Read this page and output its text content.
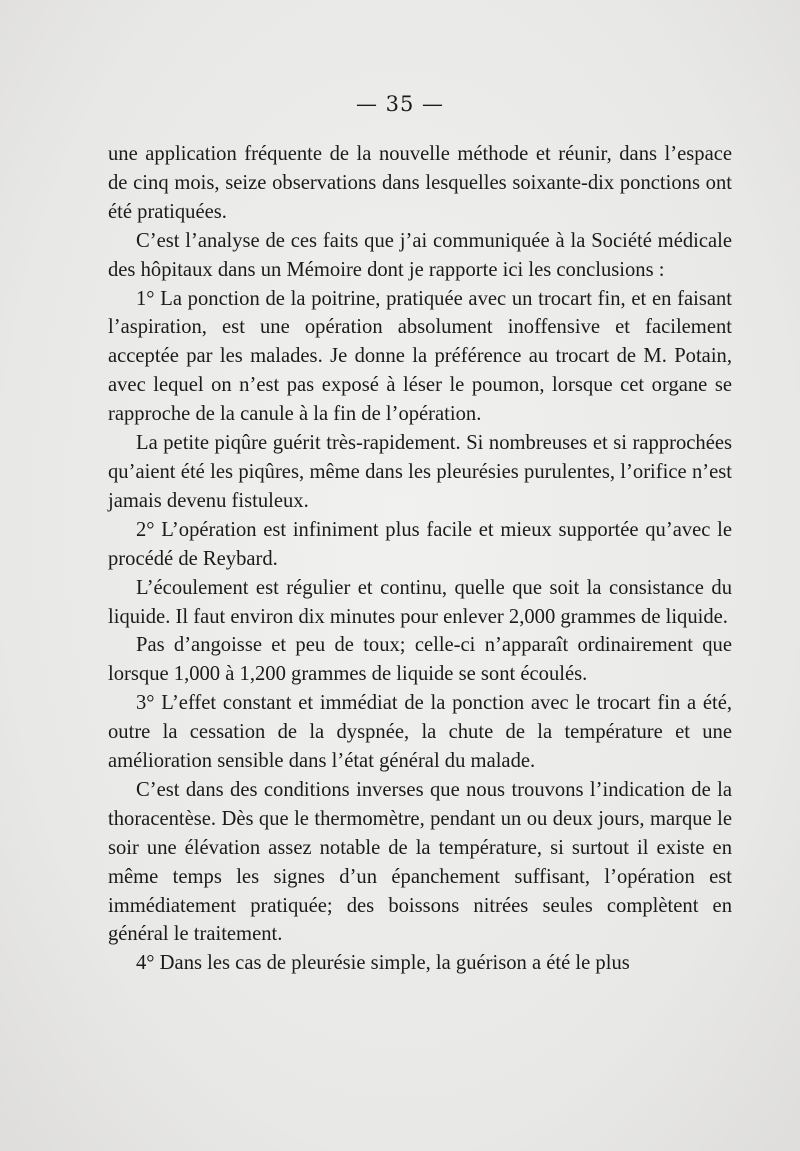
— 35 —

une application fréquente de la nouvelle méthode et réunir, dans l’espace de cinq mois, seize observations dans lesquelles soixante-dix ponctions ont été pratiquées.

C’est l’analyse de ces faits que j’ai communiquée à la Société médicale des hôpitaux dans un Mémoire dont je rapporte ici les conclusions :

1° La ponction de la poitrine, pratiquée avec un trocart fin, et en faisant l’aspiration, est une opération absolument inoffensive et facilement acceptée par les malades. Je donne la préférence au trocart de M. Potain, avec lequel on n’est pas exposé à léser le poumon, lorsque cet organe se rapproche de la canule à la fin de l’opération.

La petite piqûre guérit très-rapidement. Si nombreuses et si rapprochées qu’aient été les piqûres, même dans les pleurésies purulentes, l’orifice n’est jamais devenu fistuleux.

2° L’opération est infiniment plus facile et mieux supportée qu’avec le procédé de Reybard.

L’écoulement est régulier et continu, quelle que soit la consistance du liquide. Il faut environ dix minutes pour enlever 2,000 grammes de liquide.

Pas d’angoisse et peu de toux; celle-ci n’apparaît ordinairement que lorsque 1,000 à 1,200 grammes de liquide se sont écoulés.

3° L’effet constant et immédiat de la ponction avec le trocart fin a été, outre la cessation de la dyspnée, la chute de la température et une amélioration sensible dans l’état général du malade.

C’est dans des conditions inverses que nous trouvons l’indication de la thoracentèse. Dès que le thermomètre, pendant un ou deux jours, marque le soir une élévation assez notable de la température, si surtout il existe en même temps les signes d’un épanchement suffisant, l’opération est immédiatement pratiquée; des boissons nitrées seules complètent en général le traitement.

4° Dans les cas de pleurésie simple, la guérison a été le plus
